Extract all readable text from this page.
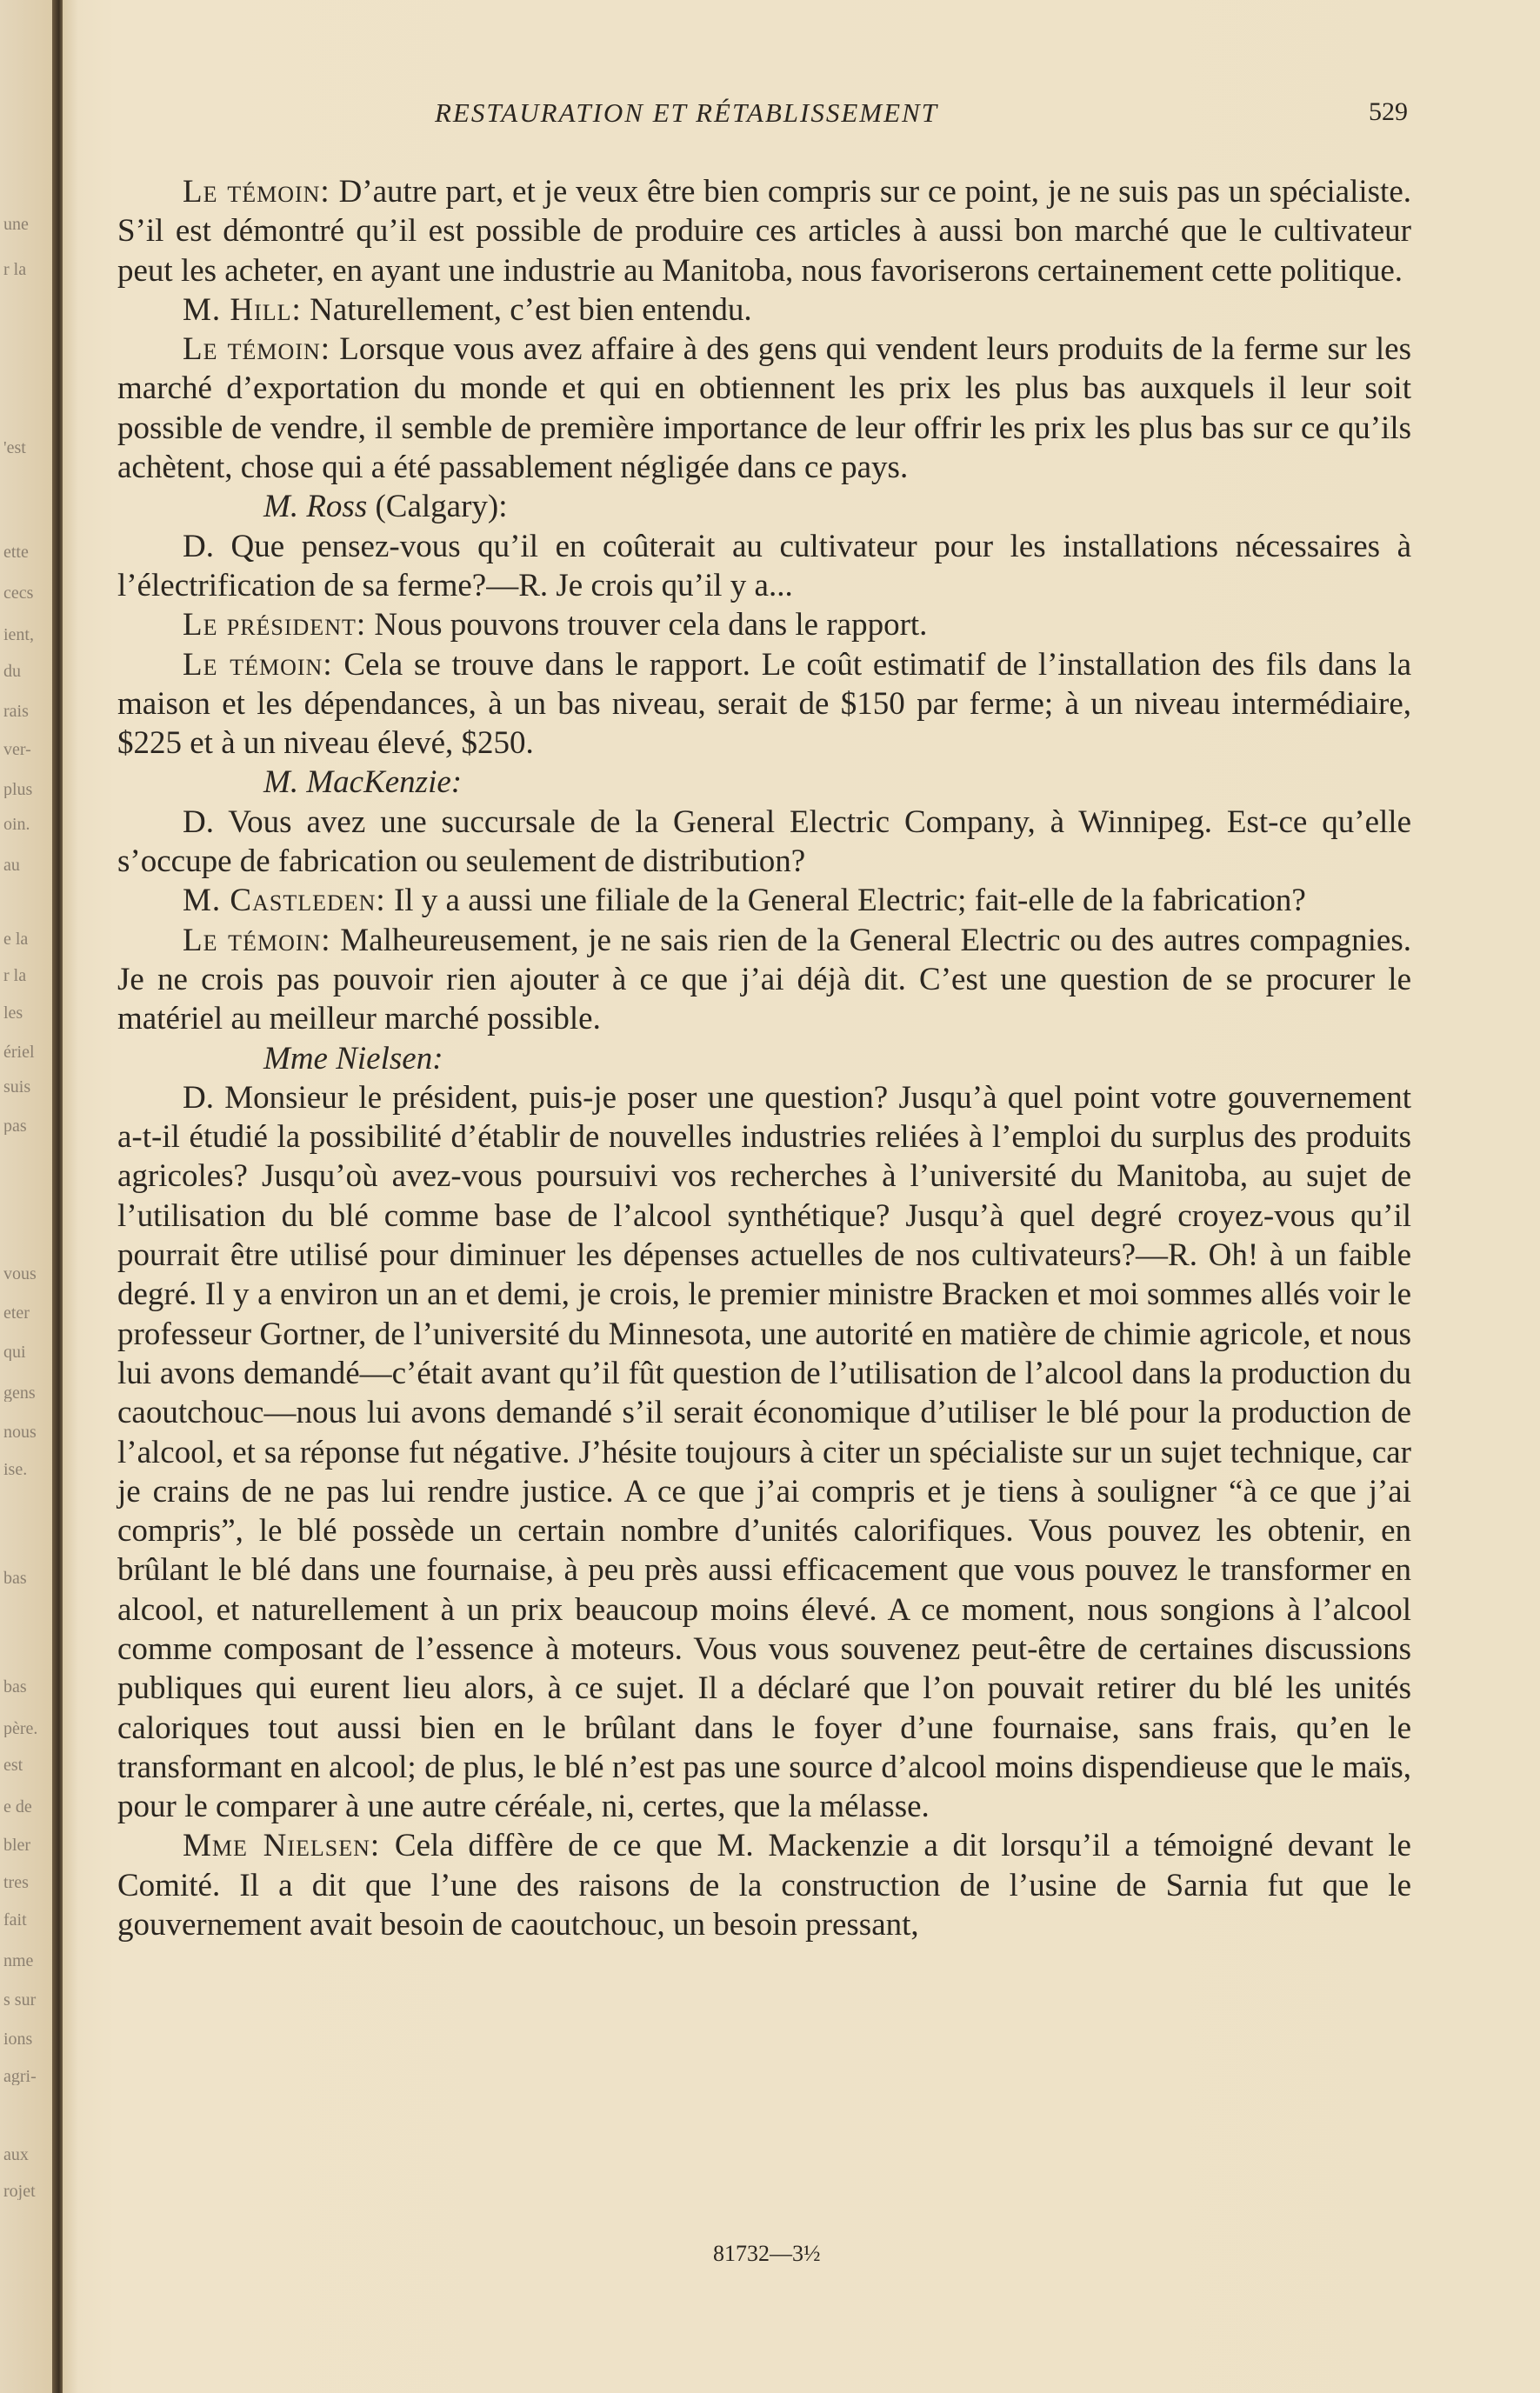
une
r la
'est
ette
cecs
ient,
du
rais
ver-
plus
oin.
au
e la
r la
les
ériel
suis
pas
vous
eter
qui
gens
nous
ise.
bas
bas
père.
est
e de
bler
tres
fait
nme
s sur
ions
agri-
aux
rojet
RESTAURATION ET RÉTABLISSEMENT	529

Le témoin: D’autre part, et je veux être bien compris sur ce point, je ne suis pas un spécialiste. S’il est démontré qu’il est possible de produire ces articles à aussi bon marché que le cultivateur peut les acheter, en ayant une industrie au Manitoba, nous favoriserons certainement cette politique.

M. Hill: Naturellement, c’est bien entendu.

Le témoin: Lorsque vous avez affaire à des gens qui vendent leurs produits de la ferme sur les marché d’exportation du monde et qui en obtiennent les prix les plus bas auxquels il leur soit possible de vendre, il semble de première importance de leur offrir les prix les plus bas sur ce qu’ils achètent, chose qui a été passablement négligée dans ce pays.

M. Ross (Calgary):

D. Que pensez-vous qu’il en coûterait au cultivateur pour les installations nécessaires à l’électrification de sa ferme?—R. Je crois qu’il y a...

Le président: Nous pouvons trouver cela dans le rapport.

Le témoin: Cela se trouve dans le rapport. Le coût estimatif de l’installation des fils dans la maison et les dépendances, à un bas niveau, serait de $150 par ferme; à un niveau intermédiaire, $225 et à un niveau élevé, $250.

M. MacKenzie:

D. Vous avez une succursale de la General Electric Company, à Winnipeg. Est-ce qu’elle s’occupe de fabrication ou seulement de distribution?

M. Castleden: Il y a aussi une filiale de la General Electric; fait-elle de la fabrication?

Le témoin: Malheureusement, je ne sais rien de la General Electric ou des autres compagnies. Je ne crois pas pouvoir rien ajouter à ce que j’ai déjà dit. C’est une question de se procurer le matériel au meilleur marché possible.

Mme Nielsen:

D. Monsieur le président, puis-je poser une question? Jusqu’à quel point votre gouvernement a-t-il étudié la possibilité d’établir de nouvelles industries reliées à l’emploi du surplus des produits agricoles? Jusqu’où avez-vous poursuivi vos recherches à l’université du Manitoba, au sujet de l’utilisation du blé comme base de l’alcool synthétique? Jusqu’à quel degré croyez-vous qu’il pourrait être utilisé pour diminuer les dépenses actuelles de nos cultivateurs?—R. Oh! à un faible degré. Il y a environ un an et demi, je crois, le premier ministre Bracken et moi sommes allés voir le professeur Gortner, de l’université du Minnesota, une autorité en matière de chimie agricole, et nous lui avons demandé—c’était avant qu’il fût question de l’utilisation de l’alcool dans la production du caoutchouc—nous lui avons demandé s’il serait économique d’utiliser le blé pour la production de l’alcool, et sa réponse fut négative. J’hésite toujours à citer un spécialiste sur un sujet technique, car je crains de ne pas lui rendre justice. A ce que j’ai compris et je tiens à souligner “à ce que j’ai compris”, le blé possède un certain nombre d’unités calorifiques. Vous pouvez les obtenir, en brûlant le blé dans une fournaise, à peu près aussi efficacement que vous pouvez le transformer en alcool, et naturellement à un prix beaucoup moins élevé. A ce moment, nous songions à l’alcool comme composant de l’essence à moteurs. Vous vous souvenez peut-être de certaines discussions publiques qui eurent lieu alors, à ce sujet. Il a déclaré que l’on pouvait retirer du blé les unités caloriques tout aussi bien en le brûlant dans le foyer d’une fournaise, sans frais, qu’en le transformant en alcool; de plus, le blé n’est pas une source d’alcool moins dispendieuse que le maïs, pour le comparer à une autre céréale, ni, certes, que la mélasse.

Mme Nielsen: Cela diffère de ce que M. Mackenzie a dit lorsqu’il a témoigné devant le Comité. Il a dit que l’une des raisons de la construction de l’usine de Sarnia fut que le gouvernement avait besoin de caoutchouc, un besoin pressant,

81732—3½
